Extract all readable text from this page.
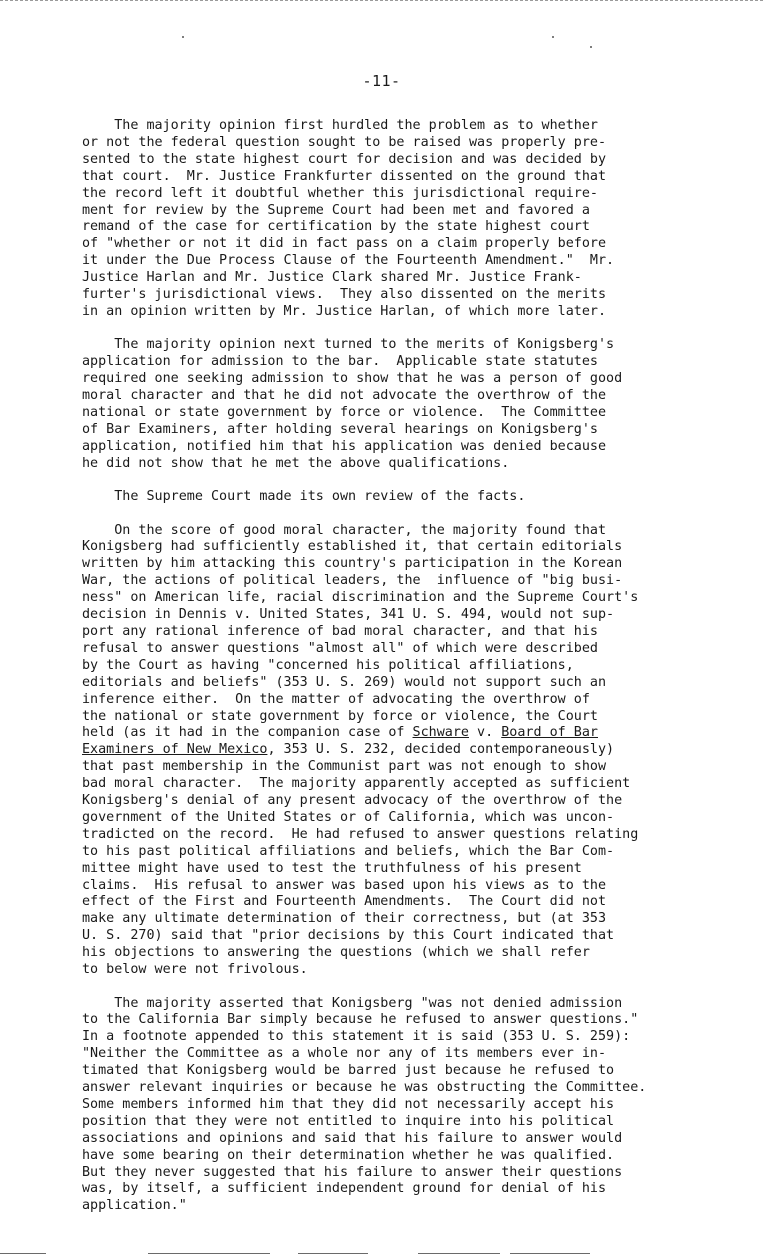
-11-
The majority opinion first hurdled the problem as to whether
or not the federal question sought to be raised was properly pre-
sented to the state highest court for decision and was decided by
that court.  Mr. Justice Frankfurter dissented on the ground that
the record left it doubtful whether this jurisdictional require-
ment for review by the Supreme Court had been met and favored a
remand of the case for certification by the state highest court
of "whether or not it did in fact pass on a claim properly before
it under the Due Process Clause of the Fourteenth Amendment."  Mr.
Justice Harlan and Mr. Justice Clark shared Mr. Justice Frank-
furter's jurisdictional views.  They also dissented on the merits
in an opinion written by Mr. Justice Harlan, of which more later.
The majority opinion next turned to the merits of Konigsberg's
application for admission to the bar.  Applicable state statutes
required one seeking admission to show that he was a person of good
moral character and that he did not advocate the overthrow of the
national or state government by force or violence.  The Committee
of Bar Examiners, after holding several hearings on Konigsberg's
application, notified him that his application was denied because
he did not show that he met the above qualifications.
The Supreme Court made its own review of the facts.
On the score of good moral character, the majority found that
Konigsberg had sufficiently established it, that certain editorials
written by him attacking this country's participation in the Korean
War, the actions of political leaders, the  influence of "big busi-
ness" on American life, racial discrimination and the Supreme Court's
decision in Dennis v. United States, 341 U. S. 494, would not sup-
port any rational inference of bad moral character, and that his
refusal to answer questions "almost all" of which were described
by the Court as having "concerned his political affiliations,
editorials and beliefs" (353 U. S. 269) would not support such an
inference either.  On the matter of advocating the overthrow of
the national or state government by force or violence, the Court
held (as it had in the companion case of Schware v. Board of Bar
Examiners of New Mexico, 353 U. S. 232, decided contemporaneously)
that past membership in the Communist part was not enough to show
bad moral character.  The majority apparently accepted as sufficient
Konigsberg's denial of any present advocacy of the overthrow of the
government of the United States or of California, which was uncon-
tradicted on the record.  He had refused to answer questions relating
to his past political affiliations and beliefs, which the Bar Com-
mittee might have used to test the truthfulness of his present
claims.  His refusal to answer was based upon his views as to the
effect of the First and Fourteenth Amendments.  The Court did not
make any ultimate determination of their correctness, but (at 353
U. S. 270) said that "prior decisions by this Court indicated that
his objections to answering the questions (which we shall refer
to below were not frivolous.
The majority asserted that Konigsberg "was not denied admission
to the California Bar simply because he refused to answer questions."
In a footnote appended to this statement it is said (353 U. S. 259):
"Neither the Committee as a whole nor any of its members ever in-
timated that Konigsberg would be barred just because he refused to
answer relevant inquiries or because he was obstructing the Committee.
Some members informed him that they did not necessarily accept his
position that they were not entitled to inquire into his political
associations and opinions and said that his failure to answer would
have some bearing on their determination whether he was qualified.
But they never suggested that his failure to answer their questions
was, by itself, a sufficient independent ground for denial of his
application."
